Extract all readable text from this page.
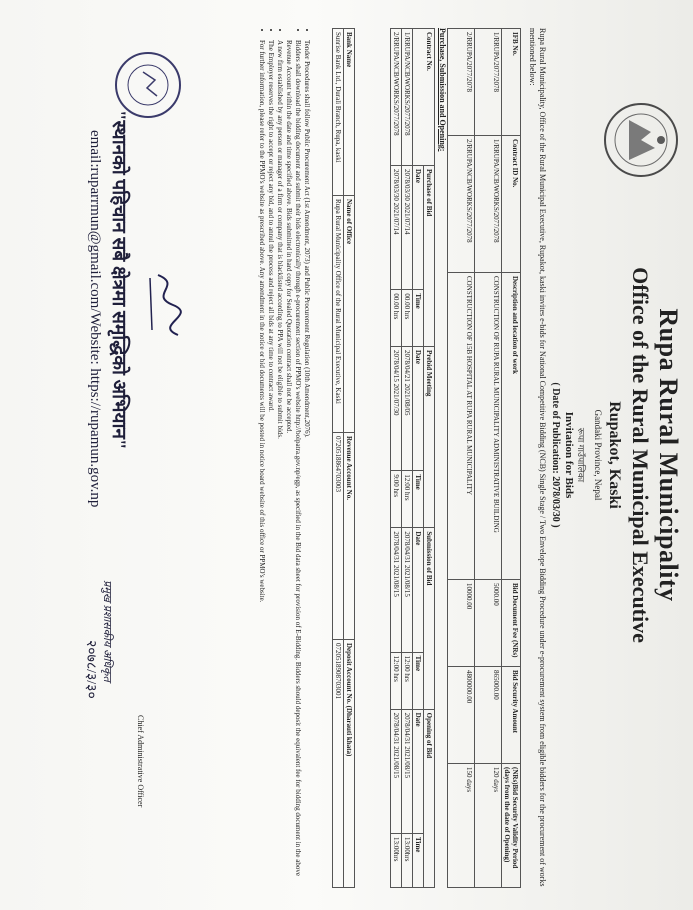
Rupa Rural Municipality
Office of the Rural Municipal Executive
Rupakot, Kaski
Gandaki Province, Nepal
रूपा गाउँपालिका
Invitation for Bids
( Date of Publication: 2078/03/30 )
Rupa Rural Municipality, Office of the Rural Municipal Executive, Rupakot, kaski invites e-bids for National Competitive Bidding (NCB) Single Stage / Two Envelope Bidding Procedure under e-procurement system from eligible bidders for the procurement of works mentioned below:
IFB No.	Contract ID No.	Description and location of work	Bid Document Fee (NRs)	Bid Security Amount	(NRs)Bid Security Validity Period (days from the date of Opening)
1/RRUPA/2077/2078	1/RRUPA/NCB/WORKS/2077/2078	CONSTRUCTION OF RUPA RURAL MUNICIPALITY ADMINISTRATIVE BUILDING	5000.00	865000.00	120 days
2/RRUPA/2077/2078	2/RRUPA/NCB/WORKS/2077/2078	CONSTRUCTION OF 15B HOSPITAL AT RUPA RURAL MUNICIPALITY	10000.00	4800000.00	150 days
Purchase, Submission and Opening:
Contract No.	Purchase of Bid		Prebid Meeting		Submission of Bid		Opening of Bid	
	Date	Time	Date	Time	Date	Time	Date	Time
1/RRUPA/NCB/WORKS/2077/2078	2078/03/30 2021/07/14	00.00 hrs	2078/04/21 2021/08/05	12:00 hrs	2078/04/31 2021/08/15	12:00 hrs	2078/04/31 2021/08/15	13:00hrs
2/RRUPA/NCB/WORKS/2077/2078	2078/03/30 2021/07/14	00.00 hrs	2078/04/15 2021/07/30	9:00 hrs	2078/04/31 2021/08/15	12:00 hrs	2078/04/31 2021/08/15	13:00hrs
Bank Name	Name of Office	Revenue Account No.	Deposit Account No. (Dharauti khata)
Sunrise Bank Ltd., Durali Branch, Rupa, kaski	Rupa Rural Municipality Office of the Rural Municipal Executive, Kaski	0720518864703003	0720518908703001
• Tender Procedures shall follow Public Procurement Act (1st Amendment, 2073) and Public Procurement Regulation (10th Amendment,2076).
• Bidders shall download the bidding document and submit their bids electronically through e-procurement section of PPMO's website http://bolpatra.gov.np/egp, as specified in the Bid data sheet for provision of E-Bidding. Bidders should deposit the equivalent fee for bidding document in the above Revenue Account within the date and time specified above. Bids submitted in hard copy for Sealed Quotation contract shall not be accepted.
• A new firm established by any person or manager of a firm or company that is blacklisted according to PPA will not be eligible to submit bids.
• The Employer reserves the right to accept or reject any bid, and to annul the process and reject all bids at any time to contract award.
• For further information, please refer to the PPMO's website as prescribed above. Any amendment in the notice or bid documents will be posted in notice board website of this office or PPMO's website.
Chief Administrative Officer
"स्थानको पहिचान सबै क्षेत्रमा समृद्धिको अभियान"
email:ruparrmun@gmail.com/Website: https://rupamun.gov.np
२०७८/३/३० प्रमुख प्रशासकीय अधिकृत
